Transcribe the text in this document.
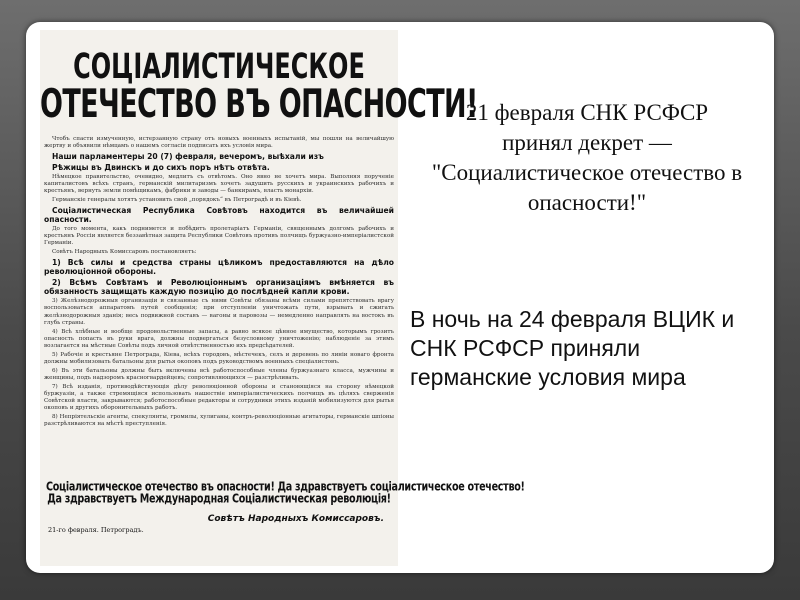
СОЦІАЛИСТИЧЕСКОЕ
ОТЕЧЕСТВО ВЪ ОПАСНОСТИ!
Чтобъ спасти измученную, истерзанную страну отъ новыхъ военныхъ испытаній, мы пошли на величайшую жертву и объявили нѣмцамъ о нашемъ согласіи подписать ихъ условія мира.
Наши парламентеры 20 (7) февраля, вечеромъ, выѣхали изъ
Рѣжицы въ Двинскъ и до сихъ поръ нѣтъ отвѣта.
Нѣмецкое правительство, очевидно, медлитъ съ отвѣтомъ. Оно явно не хочетъ мира. Выполняя порученіе капиталистовъ всѣхъ странъ, германскій милитаризмъ хочетъ задушить русскихъ и украинскихъ рабочихъ и крестьянъ, вернуть земли помѣщикамъ, фабрики и заводы — банкирамъ, власть монархіи.
Германскіе генералы хотятъ установить свой „порядокъ“ въ Петроградѣ и въ Кіевѣ.
Соціалистическая Республика Совѣтовъ находится въ величайшей опасности.
До того момента, какъ поднимется и побѣдитъ пролетаріатъ Германіи, священнымъ долгомъ рабочихъ и крестьянъ Россіи является беззавѣтная защита Республики Совѣтовъ противъ полчищъ буржуазно-имперіалистской Германіи.
Совѣтъ Народныхъ Комиссаровъ постановляетъ:
1) Всѣ силы и средства страны цѣликомъ предоставляются на дѣло революціонной обороны.
2) Всѣмъ Совѣтамъ и Революціоннымъ организаціямъ вмѣняется въ обязанность защищать каждую позицію до послѣдней капли крови.
3) Желѣзнодорожныя организаціи и связанные съ ними Совѣты обязаны всѣми силами препятствовать врагу воспользоваться аппаратомъ путей сообщенія; при отступленіи уничтожать пути, взрывать и сжигать желѣзнодорожныя зданія; весь подвижной составъ — вагоны и паровозы — немедленно направлять на востокъ въ глубь страны.
4) Всѣ хлѣбные и вообще продовольственные запасы, а равно всякое цѣнное имущество, которымъ грозитъ опасность попасть въ руки врага, должны подвергаться безусловному уничтоженію; наблюденіе за этимъ возлагается на мѣстные Совѣты подъ личной отвѣтственностью ихъ предсѣдателей.
5) Рабочіе и крестьяне Петрограда, Кіева, всѣхъ городовъ, мѣстечекъ, селъ и деревень по линіи новаго фронта должны мобилизовать батальоны для рытья окоповъ подъ руководствомъ военныхъ спеціалистовъ.
6) Въ эти батальоны должны быть включены всѣ работоспособные члены буржуазнаго класса, мужчины и женщины, подъ надзоромъ красногвардейцевъ; сопротивляющихся — разстрѣливать.
7) Всѣ изданія, противодѣйствующія дѣлу революціонной обороны и становящіяся на сторону нѣмецкой буржуазіи, а также стремящіяся использовать нашествіе имперіалистическихъ полчищъ въ цѣляхъ сверженія Совѣтской власти, закрываются; работоспособные редакторы и сотрудники этихъ изданій мобилизуются для рытья окоповъ и другихъ оборонительныхъ работъ.
8) Непріятельскіе агенты, спекулянты, громилы, хулиганы, контръ-революціонные агитаторы, германскіе шпіоны разстрѣливаются на мѣстѣ преступленія.
Соціалистическое отечество въ опасности! Да здравствуетъ соціалистическое отечество!
Да здравствуетъ Международная Соціалистическая революція!
Совѣтъ Народныхъ Комиссаровъ.
21-го февраля. Петроградъ.
21 февраля СНК РСФСР
принял декрет —
"Социалистическое отечество в
опасности!"
В ночь на 24 февраля ВЦИК и
СНК РСФСР приняли
германские условия мира
